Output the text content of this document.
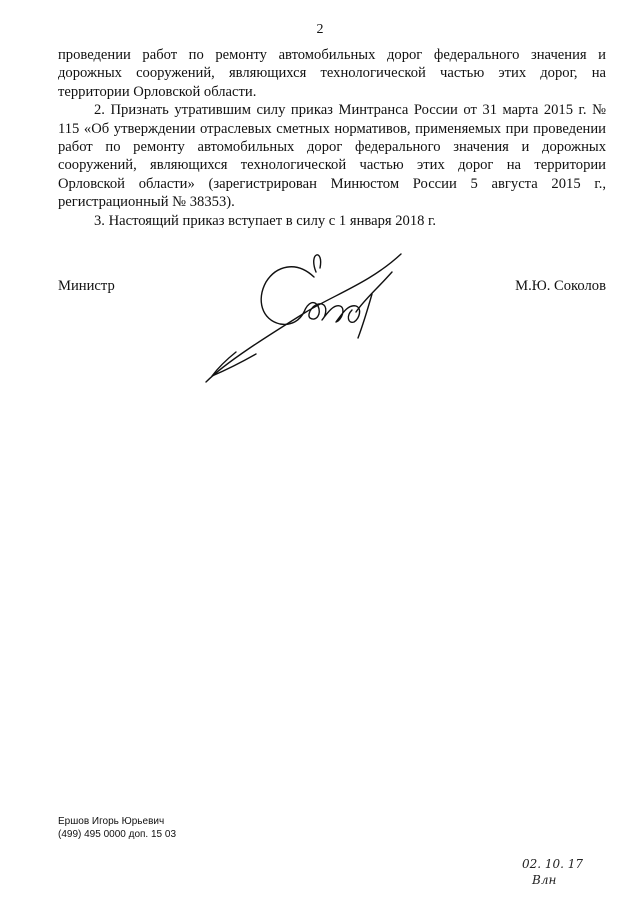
2

проведении работ по ремонту автомобильных дорог федерального значения и дорожных сооружений, являющихся технологической частью этих дорог, на территории Орловской области.

2. Признать утратившим силу приказ Минтранса России от 31 марта 2015 г. № 115 «Об утверждении отраслевых сметных нормативов, применяемых при проведении работ по ремонту автомобильных дорог федерального значения и дорожных сооружений, являющихся технологической частью этих дорог на территории Орловской области» (зарегистрирован Минюстом России 5 августа 2015 г., регистрационный № 38353).

3. Настоящий приказ вступает в силу с 1 января 2018 г.

Министр	М.Ю. Соколов
Ершов Игорь Юрьевич
(499) 495 0000 доп. 15 03
02. 10. 17
Влн
